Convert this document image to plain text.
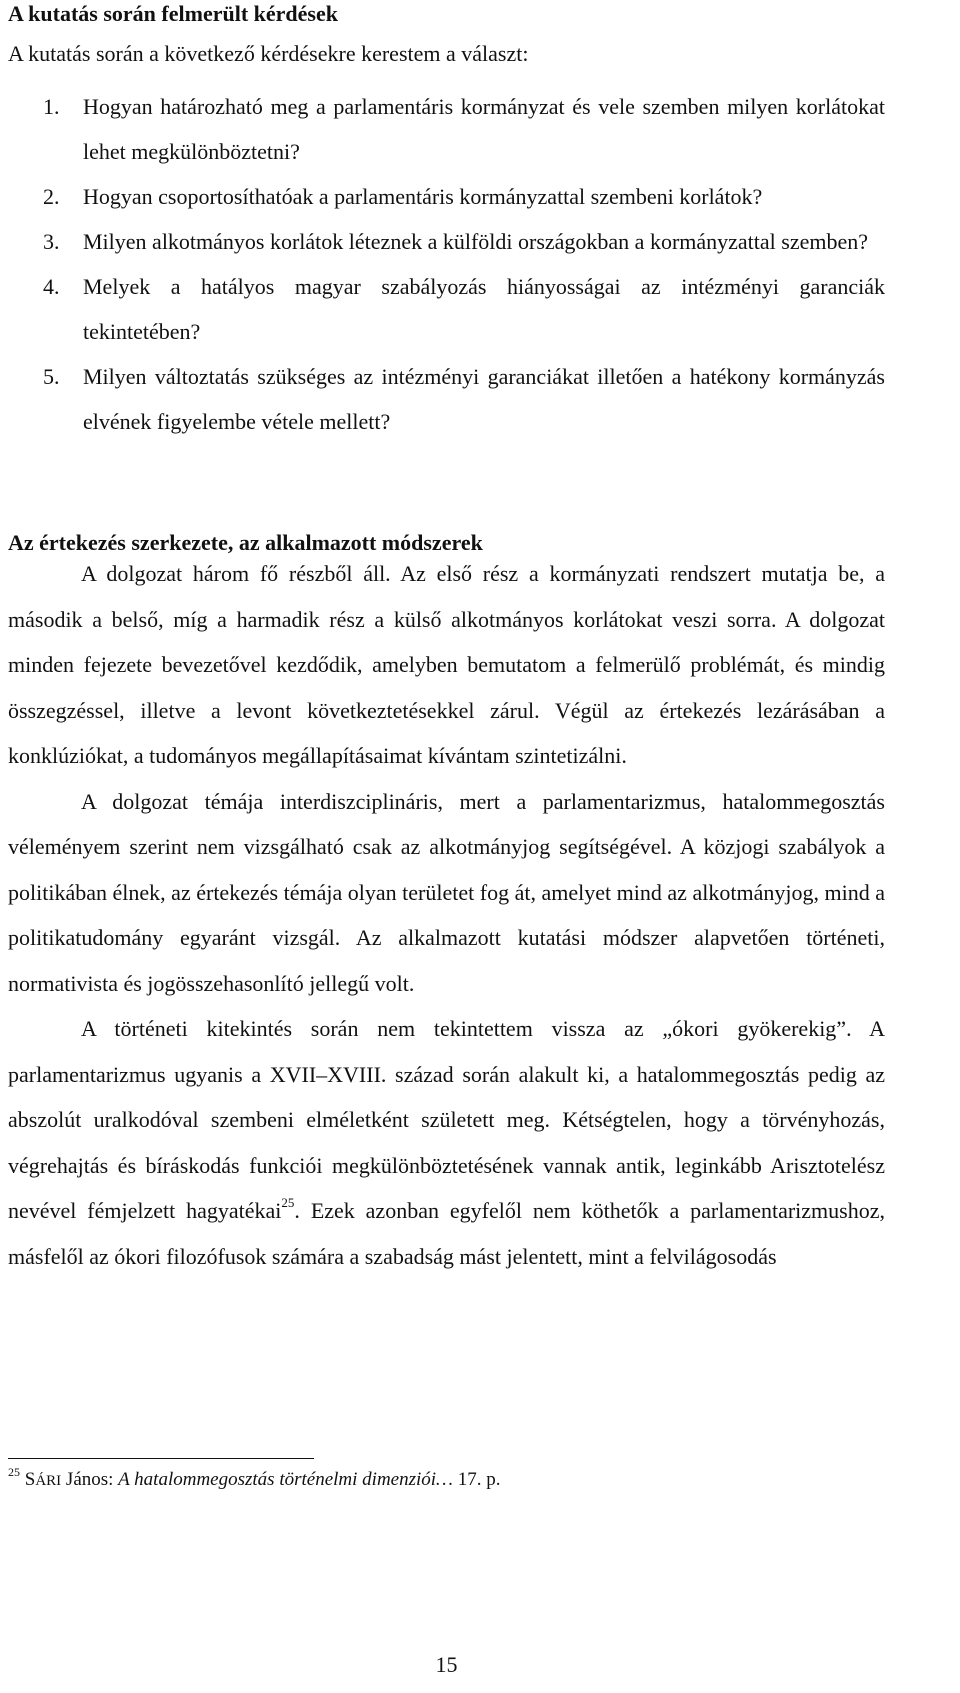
A kutatás során felmerült kérdések

A kutatás során a következő kérdésekre kerestem a választ:

1. Hogyan határozható meg a parlamentáris kormányzat és vele szemben milyen korlátokat lehet megkülönböztetni?
2. Hogyan csoportosíthatóak a parlamentáris kormányzattal szembeni korlátok?
3. Milyen alkotmányos korlátok léteznek a külföldi országokban a kormányzattal szemben?
4. Melyek a hatályos magyar szabályozás hiányosságai az intézményi garanciák tekintetében?
5. Milyen változtatás szükséges az intézményi garanciákat illetően a hatékony kormányzás elvének figyelembe vétele mellett?
Az értekezés szerkezete, az alkalmazott módszerek

A dolgozat három fő részből áll. Az első rész a kormányzati rendszert mutatja be, a második a belső, míg a harmadik rész a külső alkotmányos korlátokat veszi sorra. A dolgozat minden fejezete bevezetővel kezdődik, amelyben bemutatom a felmerülő problémát, és mindig összegzéssel, illetve a levont következtetésekkel zárul. Végül az értekezés lezárásában a konklúziókat, a tudományos megállapításaimat kívántam szintetizálni.

A dolgozat témája interdiszciplináris, mert a parlamentarizmus, hatalommegosztás véleményem szerint nem vizsgálható csak az alkotmányjog segítségével. A közjogi szabályok a politikában élnek, az értekezés témája olyan területet fog át, amelyet mind az alkotmányjog, mind a politikatudomány egyaránt vizsgál. Az alkalmazott kutatási módszer alapvetően történeti, normativista és jogösszehasonlító jellegű volt.

A történeti kitekintés során nem tekintettem vissza az „ókori gyökerekig”. A parlamentarizmus ugyanis a XVII–XVIII. század során alakult ki, a hatalommegosztás pedig az abszolút uralkodóval szembeni elméletként született meg. Kétségtelen, hogy a törvényhozás, végrehajtás és bíráskodás funkciói megkülönböztetésének vannak antik, leginkább Arisztotelész nevével fémjelzett hagyatékai$^{25}$. Ezek azonban egyfelől nem köthetők a parlamentarizmushoz, másfelől az ókori filozófusok számára a szabadság mást jelentett, mint a felvilágosodás

$^{25}$ SÁRI János: A hatalommegosztás történelmi dimenziói… 17. p.

15
